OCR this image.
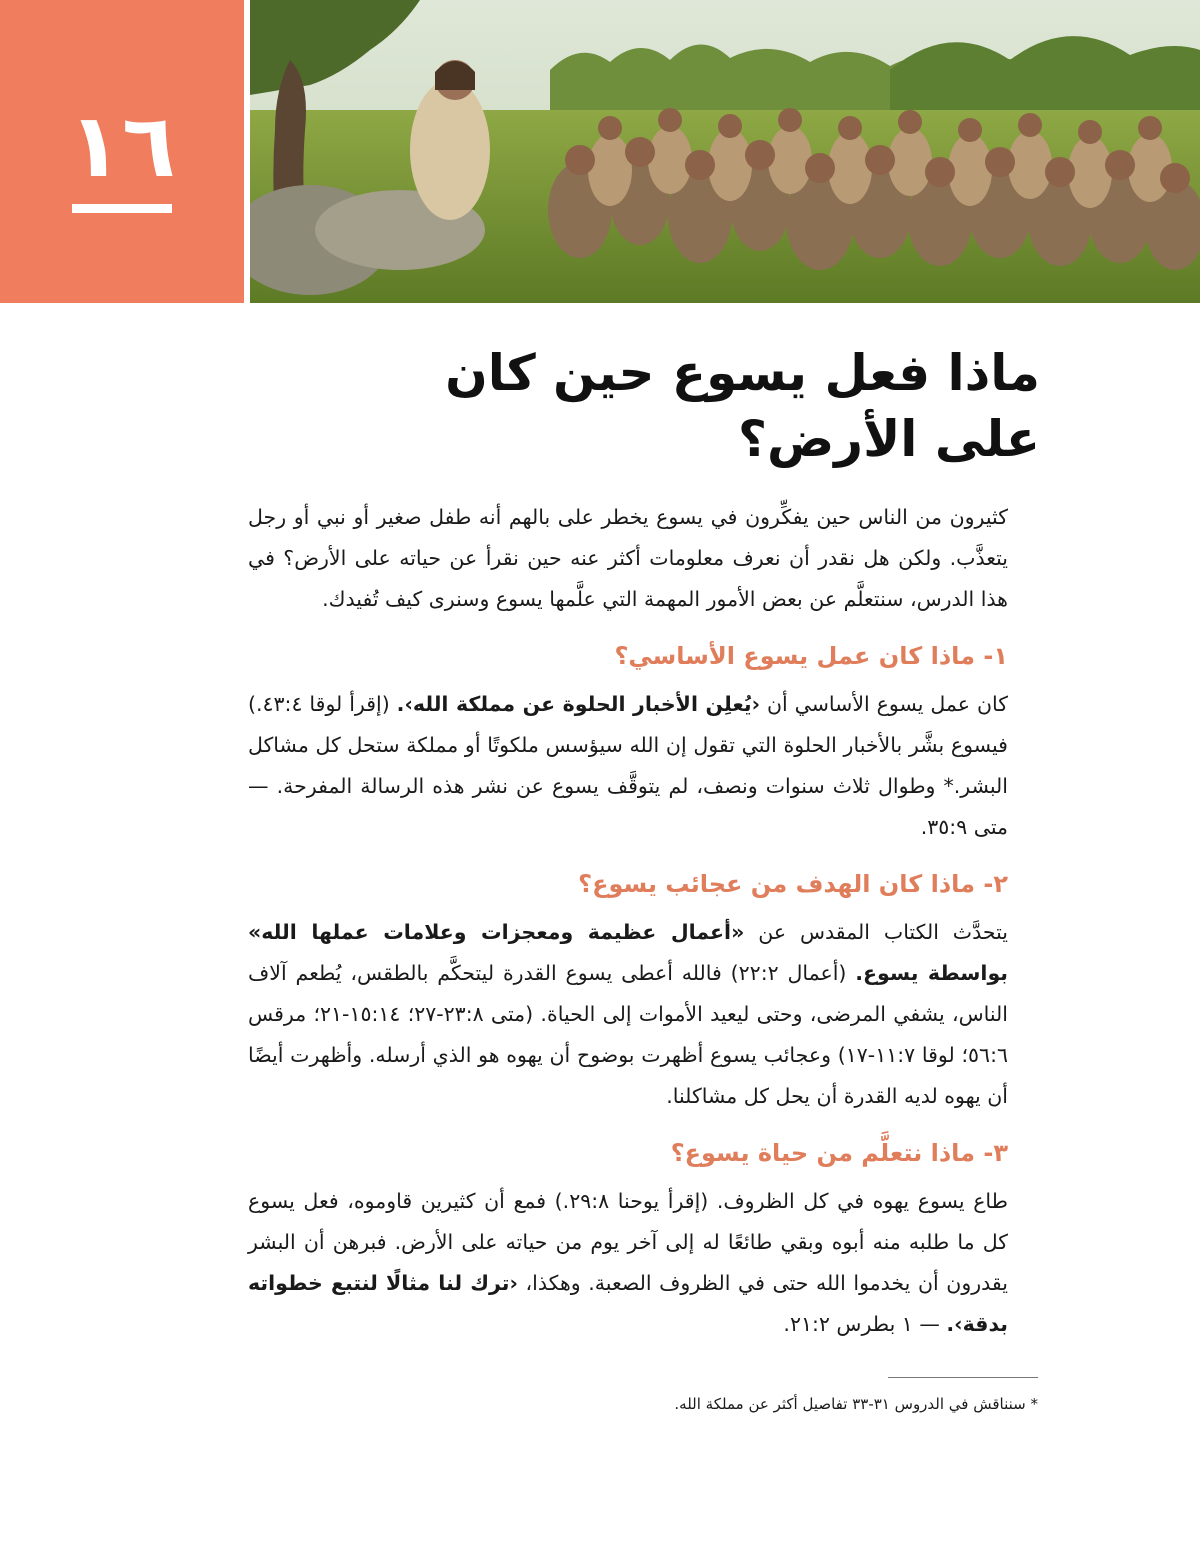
١٦
ماذا فعل يسوع حين كان على الأرض؟

كثيرون من الناس حين يفكِّرون في يسوع يخطر على بالهم أنه طفل صغير أو نبي أو رجل يتعذَّب. ولكن هل نقدر أن نعرف معلومات أكثر عنه حين نقرأ عن حياته على الأرض؟ في هذا الدرس، سنتعلَّم عن بعض الأمور المهمة التي علَّمها يسوع وسنرى كيف تُفيدك.

١- ماذا كان عمل يسوع الأساسي؟

كان عمل يسوع الأساسي أن ‹يُعلِن الأخبار الحلوة عن مملكة الله›. (إقرأ لوقا ٤:‏٤٣.) فيسوع بشَّر بالأخبار الحلوة التي تقول إن الله سيؤسس ملكوتًا أو مملكة ستحل كل مشاكل البشر.* وطوال ثلاث سنوات ونصف، لم يتوقَّف يسوع عن نشر هذه الرسالة المفرحة. — متى ٩:‏٣٥.

٢- ماذا كان الهدف من عجائب يسوع؟

يتحدَّث الكتاب المقدس عن «أعمال عظيمة ومعجزات وعلامات عملها الله» بواسطة يسوع. (أعمال ٢:‏٢٢) فالله أعطى يسوع القدرة ليتحكَّم بالطقس، يُطعم آلاف الناس، يشفي المرضى، وحتى ليعيد الأموات إلى الحياة. (متى ٨:‏٢٣-٢٧؛ ١٤:‏١٥-٢١؛ مرقس ٦:‏٥٦؛ لوقا ٧:‏١١-١٧) وعجائب يسوع أظهرت بوضوح أن يهوه هو الذي أرسله. وأظهرت أيضًا أن يهوه لديه القدرة أن يحل كل مشاكلنا.

٣- ماذا نتعلَّم من حياة يسوع؟

طاع يسوع يهوه في كل الظروف. (إقرأ يوحنا ٨:‏٢٩.) فمع أن كثيرين قاوموه، فعل يسوع كل ما طلبه منه أبوه وبقي طائعًا له إلى آخر يوم من حياته على الأرض. فبرهن أن البشر يقدرون أن يخدموا الله حتى في الظروف الصعبة. وهكذا، ‹ترك لنا مثالًا لنتبع خطواته بدقة›. — ١ بطرس ٢:‏٢١.

* سنناقش في الدروس ٣١-٣٣ تفاصيل أكثر عن مملكة الله.
